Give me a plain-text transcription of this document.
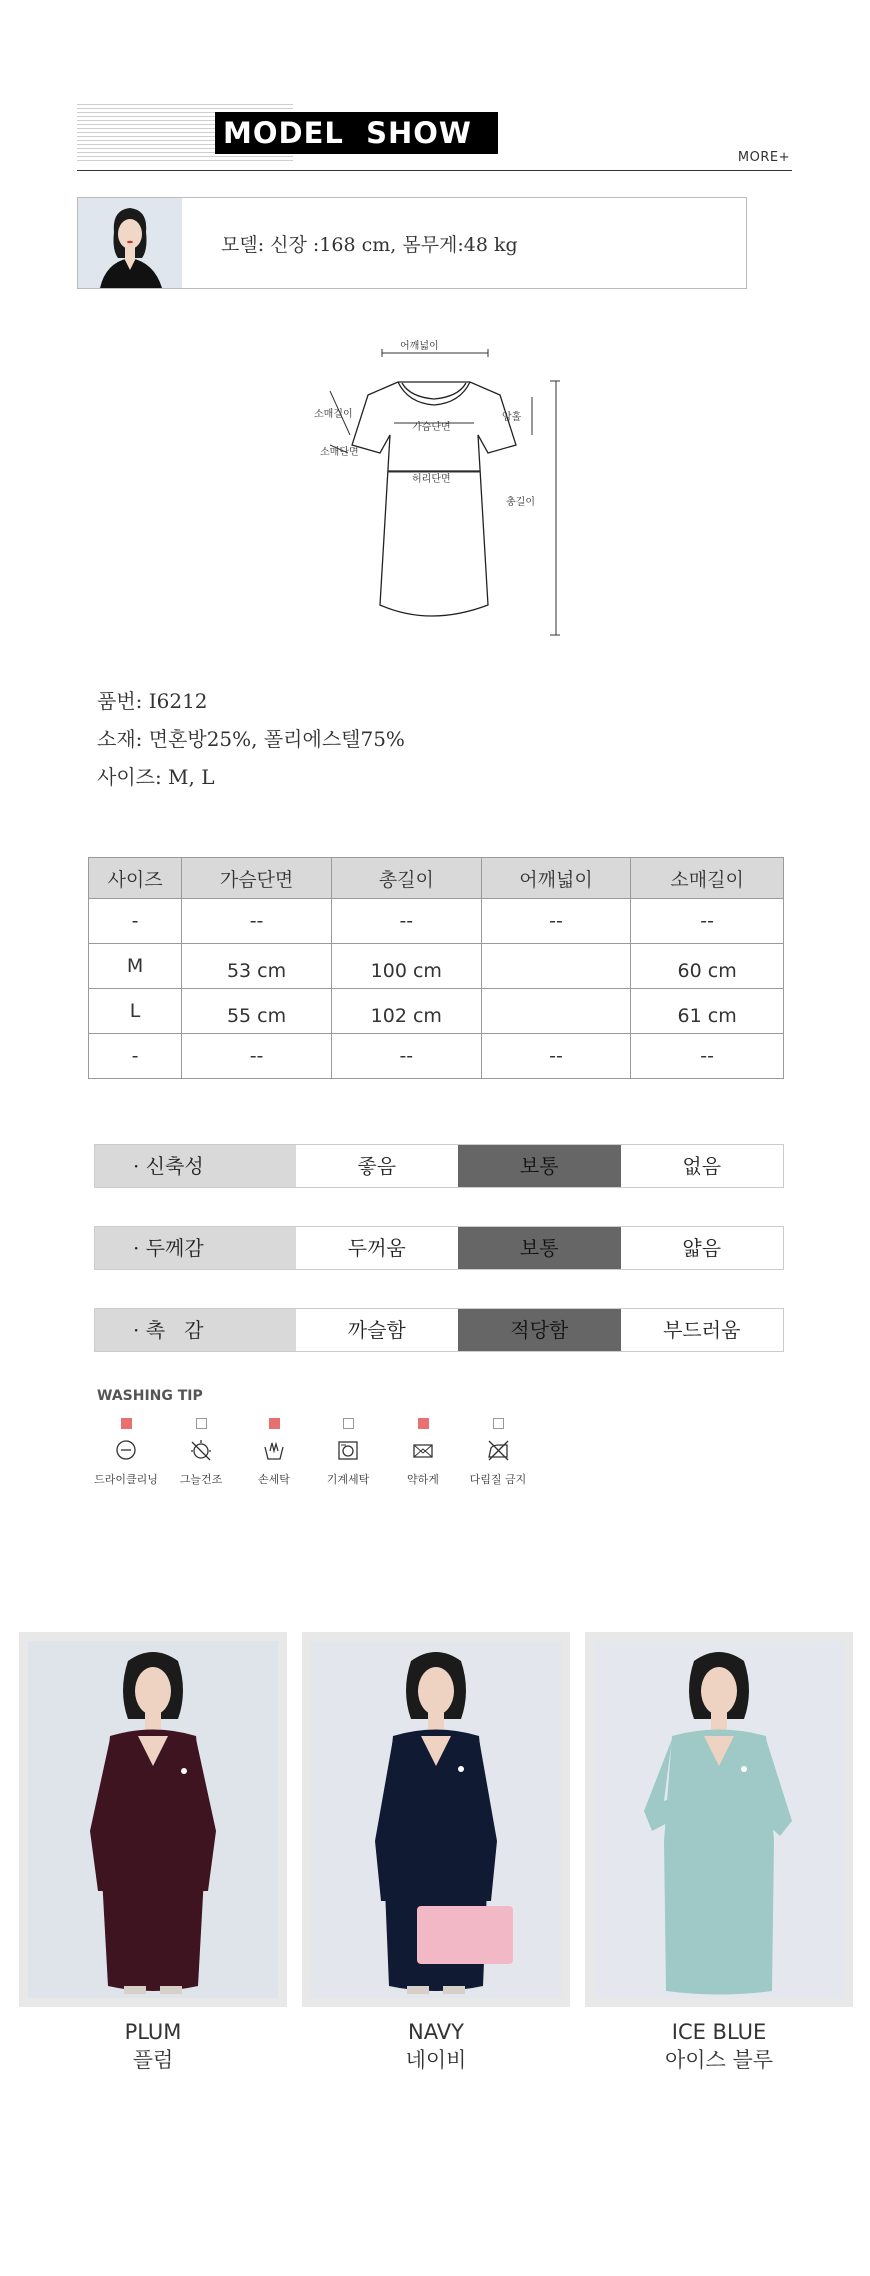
MODEL  SHOW
MORE+
모델: 신장 :168 cm, 몸무게:48 kg
어깨넓이
가슴단면
허리단면
소매길이
소매단면
암홀
총길이
품번: I6212
소재: 면혼방25%, 폴리에스텔75%
사이즈: M, L
사이즈	가슴단면	총길이	어깨넓이	소매길이
-	--	--	--	--
M	53 cm	100 cm		60 cm
L	55 cm	102 cm		61 cm
-	--	--	--	--
· 신축성	좋음	보통	없음
· 두께감	두꺼움	보통	얇음
· 촉   감	까슬함	적당함	부드러움
WASHING TIP
드라이클리닝	그늘건조	손세탁	기계세탁	약하게	다림질 금지
PLUM
플럼
NAVY
네이비
ICE BLUE
아이스 블루
